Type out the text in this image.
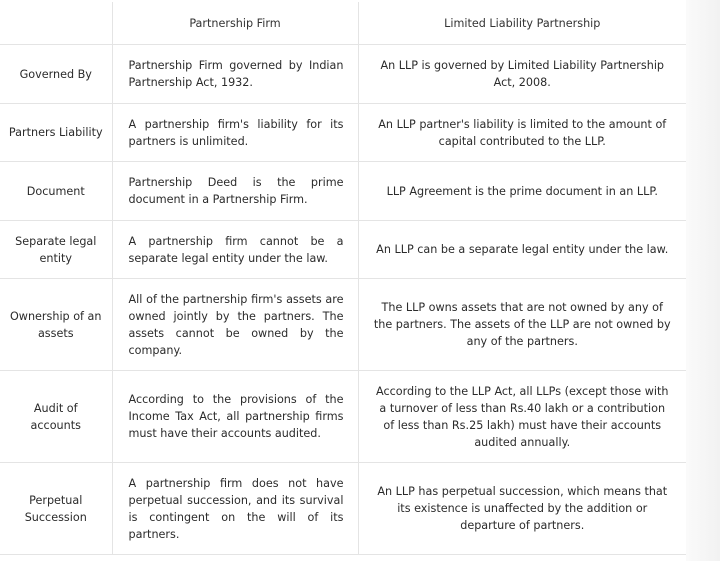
	Partnership Firm	Limited Liability Partnership
Governed By	Partnership Firm governed by Indian Partnership Act, 1932.	An LLP is governed by Limited Liability Partnership Act, 2008.
Partners Liability	A partnership firm's liability for its partners is unlimited.	An LLP partner's liability is limited to the amount of capital contributed to the LLP.
Document	Partnership Deed is the prime document in a Partnership Firm.	LLP Agreement is the prime document in an LLP.
Separate legal entity	A partnership firm cannot be a separate legal entity under the law.	An LLP can be a separate legal entity under the law.
Ownership of an assets	All of the partnership firm's assets are owned jointly by the partners. The assets cannot be owned by the company.	The LLP owns assets that are not owned by any of the partners. The assets of the LLP are not owned by any of the partners.
Audit of accounts	According to the provisions of the Income Tax Act, all partnership firms must have their accounts audited.	According to the LLP Act, all LLPs (except those with a turnover of less than Rs.40 lakh or a contribution of less than Rs.25 lakh) must have their accounts audited annually.
Perpetual Succession	A partnership firm does not have perpetual succession, and its survival is contingent on the will of its partners.	An LLP has perpetual succession, which means that its existence is unaffected by the addition or departure of partners.
